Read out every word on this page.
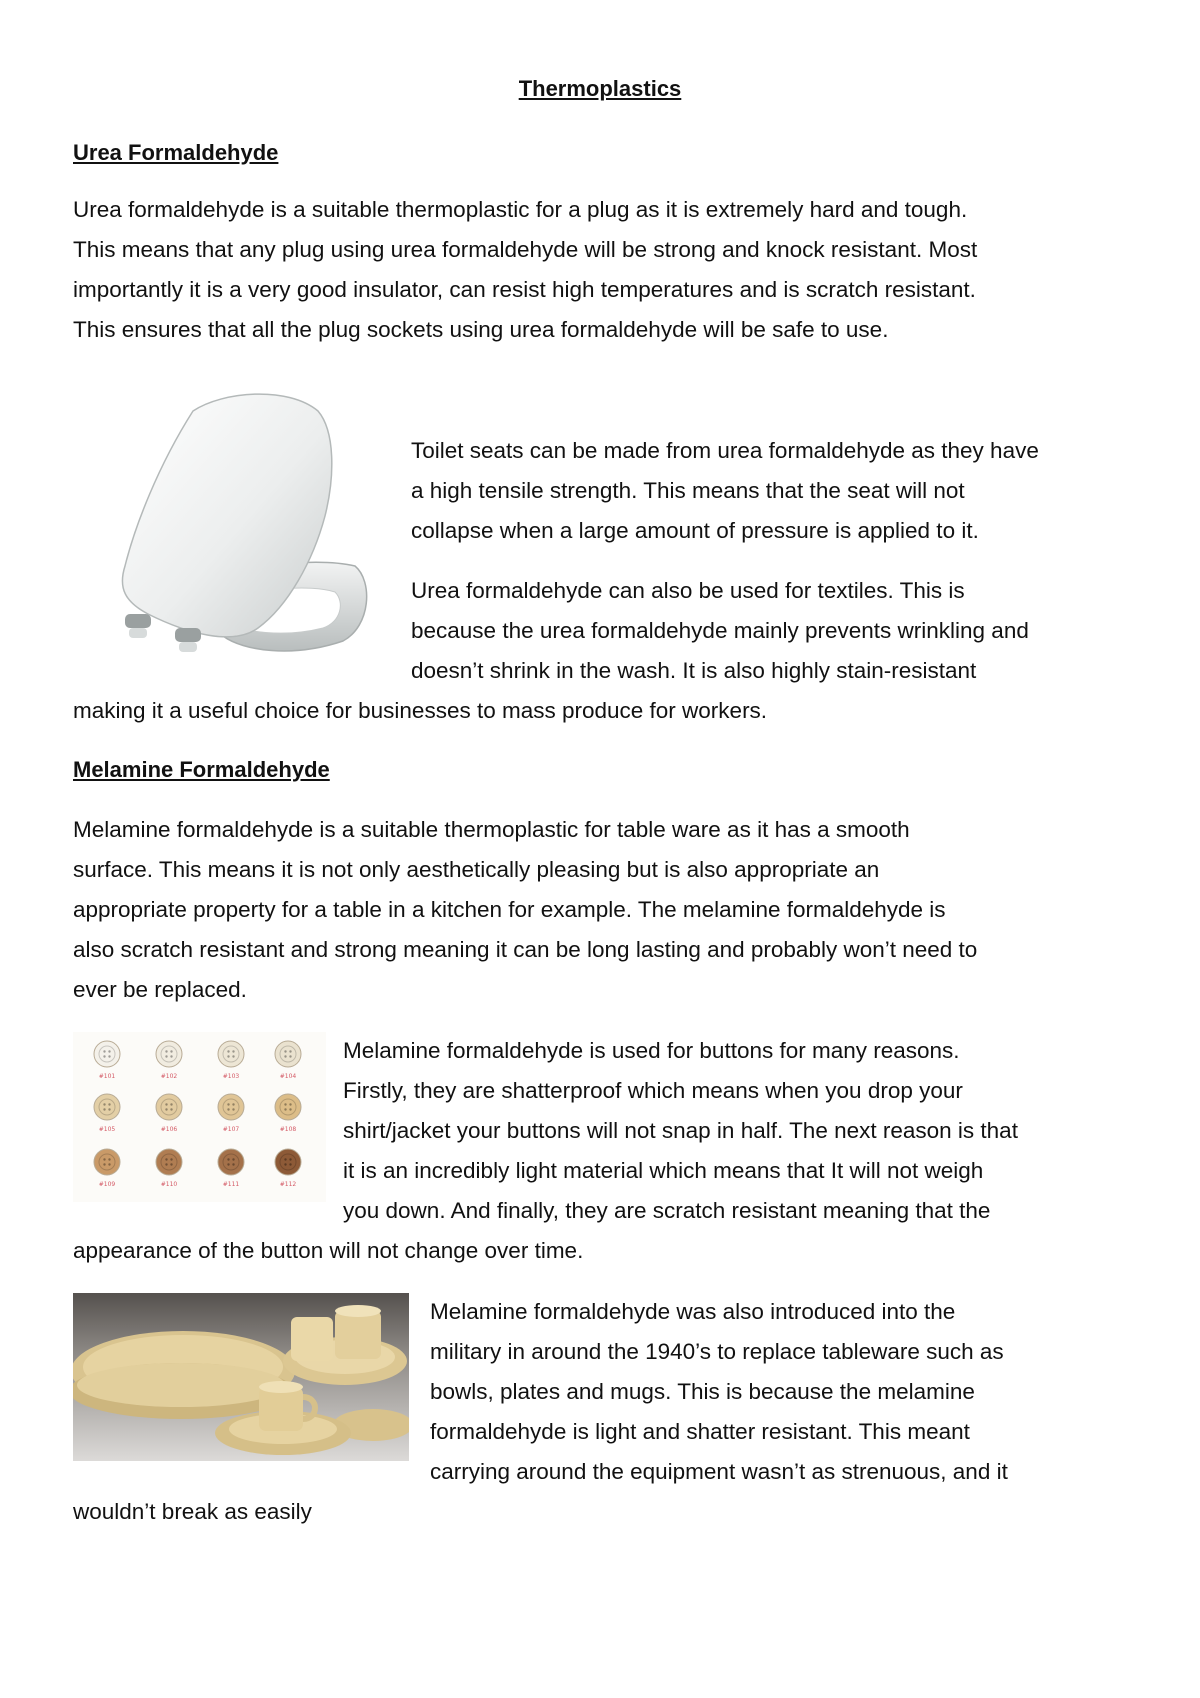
Thermoplastics
Urea Formaldehyde
Urea formaldehyde is a suitable thermoplastic for a plug as it is extremely hard and tough.
This means that any plug using urea formaldehyde will be strong and knock resistant. Most
importantly it is a very good insulator, can resist high temperatures and is scratch resistant.
This ensures that all the plug sockets using urea formaldehyde will be safe to use.
Toilet seats can be made from urea formaldehyde as they have
a high tensile strength. This means that the seat will not
collapse when a large amount of pressure is applied to it.
Urea formaldehyde can also be used for textiles. This is
because the urea formaldehyde mainly prevents wrinkling and
doesn’t shrink in the wash. It is also highly stain-resistant
making it a useful choice for businesses to mass produce for workers.
Melamine Formaldehyde
Melamine formaldehyde is a suitable thermoplastic for table ware as it has a smooth
surface. This means it is not only aesthetically pleasing but is also appropriate an
appropriate property for a table in a kitchen for example. The melamine formaldehyde is
also scratch resistant and strong meaning it can be long lasting and probably won’t need to
ever be replaced.
#101	#102	#103	#104
#105	#106	#107	#108
#109	#110	#111	#112
Melamine formaldehyde is used for buttons for many reasons.
Firstly, they are shatterproof which means when you drop your
shirt/jacket your buttons will not snap in half. The next reason is that
it is an incredibly light material which means that It will not weigh
you down. And finally, they are scratch resistant meaning that the
appearance of the button will not change over time.
Melamine formaldehyde was also introduced into the
military in around the 1940’s to replace tableware such as
bowls, plates and mugs. This is because the melamine
formaldehyde is light and shatter resistant. This meant
carrying around the equipment wasn’t as strenuous, and it
wouldn’t break as easily
